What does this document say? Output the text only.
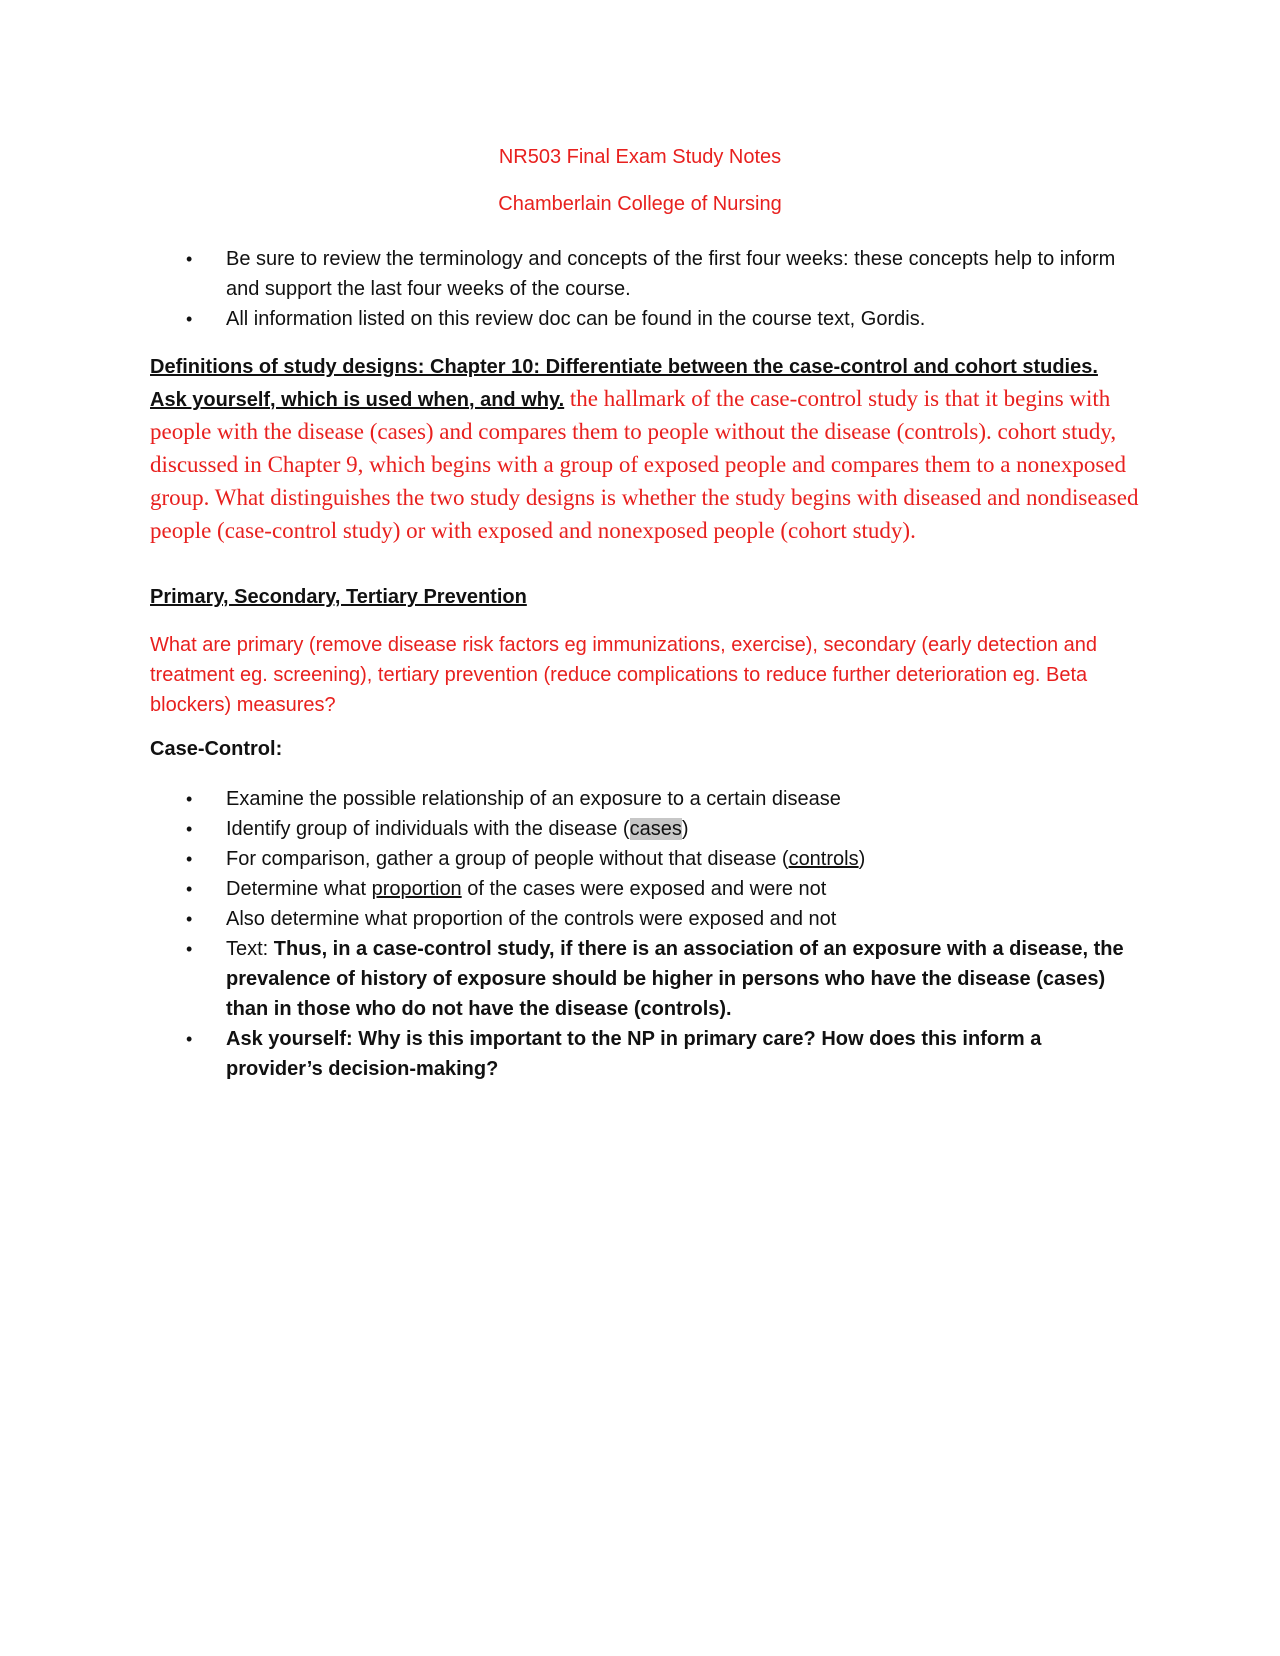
NR503 Final Exam Study Notes
Chamberlain College of Nursing
• Be sure to review the terminology and concepts of the first four weeks: these concepts help to inform and support the last four weeks of the course.
• All information listed on this review doc can be found in the course text, Gordis.
Definitions of study designs: Chapter 10: Differentiate between the case-control and cohort studies.
Ask yourself, which is used when, and why. the hallmark of the case-control study is that it begins with people with the disease (cases) and compares them to people without the disease (controls). cohort study, discussed in Chapter 9, which begins with a group of exposed people and compares them to a nonexposed group. What distinguishes the two study designs is whether the study begins with diseased and nondiseased people (case-control study) or with exposed and nonexposed people (cohort study).
Primary, Secondary, Tertiary Prevention
What are primary (remove disease risk factors eg immunizations, exercise), secondary (early detection and treatment eg. screening), tertiary prevention (reduce complications to reduce further deterioration eg. Beta blockers) measures?
Case-Control:
• Examine the possible relationship of an exposure to a certain disease
• Identify group of individuals with the disease (cases)
• For comparison, gather a group of people without that disease (controls)
• Determine what proportion of the cases were exposed and were not
• Also determine what proportion of the controls were exposed and not
• Text: Thus, in a case-control study, if there is an association of an exposure with a disease, the prevalence of history of exposure should be higher in persons who have the disease (cases) than in those who do not have the disease (controls).
• Ask yourself: Why is this important to the NP in primary care? How does this inform a provider’s decision-making?
